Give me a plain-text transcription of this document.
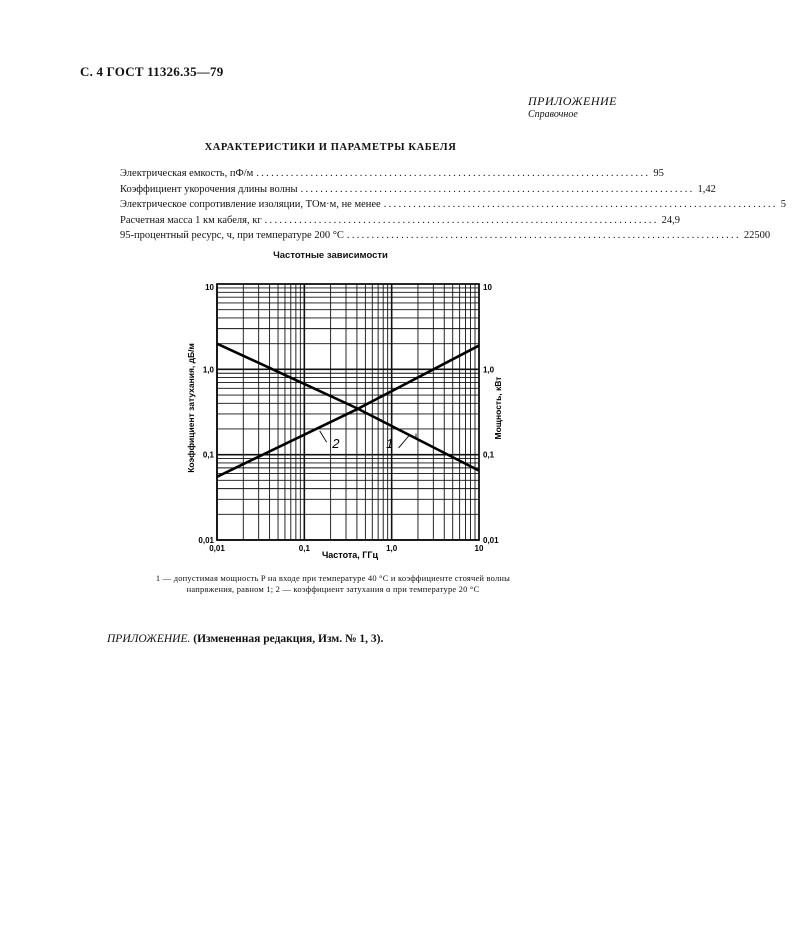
С. 4 ГОСТ 11326.35—79
ПРИЛОЖЕНИЕ
Справочное
ХАРАКТЕРИСТИКИ И ПАРАМЕТРЫ КАБЕЛЯ
Электрическая емкость, пФ/м ................................................................................ 95
Коэффициент укорочения длины волны ................................................................................ 1,42
Электрическое сопротивление изоляции, ТОм·м, не менее ................................................................................ 5
Расчетная масса 1 км кабеля, кг ................................................................................ 24,9
95-процентный ресурс, ч, при температуре 200 °С ................................................................................ 22500
Частотные зависимости
0,01
0,1
1,0
10
0,01
0,1
1,0
10
0,01	0,1	1,0	10
1
2
Частота, ГГц
Коэффициент затухания, дБ/м	Мощность, кВт
1 — допустимая мощность P на входе при температуре 40 °С и коэффициенте стоячей волны
напряжения, равном 1; 2 — коэффициент затухания α при температуре 20 °С
ПРИЛОЖЕНИЕ. (Измененная редакция, Изм. № 1, 3).
